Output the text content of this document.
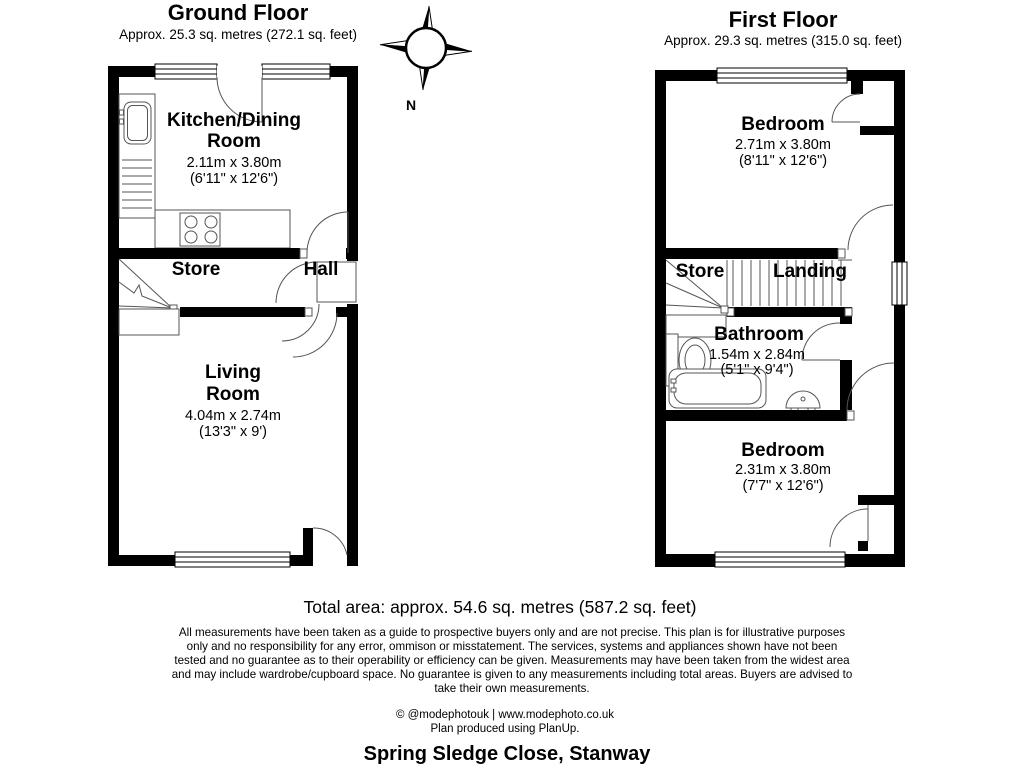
Ground Floor
Approx. 25.3 sq. metres (272.1 sq. feet)
First Floor
Approx. 29.3 sq. metres (315.0 sq. feet)
N
Kitchen/Dining
Room
2.11m x 3.80m
(6'11" x 12'6")
Store	Hall
Living
Room
4.04m x 2.74m
(13'3" x 9')
Bedroom
2.71m x 3.80m
(8'11" x 12'6")
Store	Landing
Bathroom
1.54m x 2.84m
(5'1" x 9'4")
Bedroom
2.31m x 3.80m
(7'7" x 12'6")
Total area: approx. 54.6 sq. metres (587.2 sq. feet)
All measurements have been taken as a guide to prospective buyers only and are not precise. This plan is for illustrative purposes
only and no responsibility for any error, ommison or misstatement. The services, systems and appliances shown have not been
tested and no guarantee as to their operability or efficiency can be given. Measurements may have been taken from the widest area
and may include wardrobe/cupboard space. No guarantee is given to any measurements including total areas. Buyers are advised to
take their own measurements.
© @modephotouk | www.modephoto.co.uk
Plan produced using PlanUp.
Spring Sledge Close, Stanway
